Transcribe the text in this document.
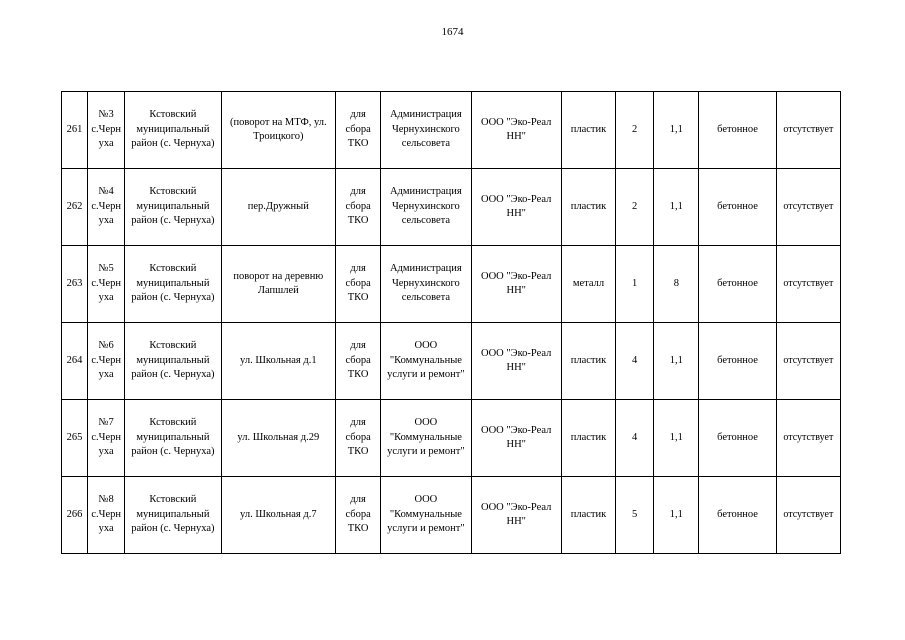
1674
261	№3 с.Чернуха	Кстовский муниципальный район (с. Чернуха)	(поворот на МТФ, ул. Троицкого)	для сбора ТКО	Администрация Чернухинского сельсовета	ООО "Эко-Реал НН"	пластик	2	1,1	бетонное	отсутствует
262	№4 с.Чернуха	Кстовский муниципальный район (с. Чернуха)	пер.Дружный	для сбора ТКО	Администрация Чернухинского сельсовета	ООО "Эко-Реал НН"	пластик	2	1,1	бетонное	отсутствует
263	№5 с.Чернуха	Кстовский муниципальный район (с. Чернуха)	поворот на деревню Лапшлей	для сбора ТКО	Администрация Чернухинского сельсовета	ООО "Эко-Реал НН"	металл	1	8	бетонное	отсутствует
264	№6 с.Чернуха	Кстовский муниципальный район (с. Чернуха)	ул. Школьная д.1	для сбора ТКО	ООО "Коммунальные услуги и ремонт"	ООО "Эко-Реал НН"	пластик	4	1,1	бетонное	отсутствует
265	№7 с.Чернуха	Кстовский муниципальный район (с. Чернуха)	ул. Школьная д.29	для сбора ТКО	ООО "Коммунальные услуги и ремонт"	ООО "Эко-Реал НН"	пластик	4	1,1	бетонное	отсутствует
266	№8 с.Чернуха	Кстовский муниципальный район (с. Чернуха)	ул. Школьная д.7	для сбора ТКО	ООО "Коммунальные услуги и ремонт"	ООО "Эко-Реал НН"	пластик	5	1,1	бетонное	отсутствует
